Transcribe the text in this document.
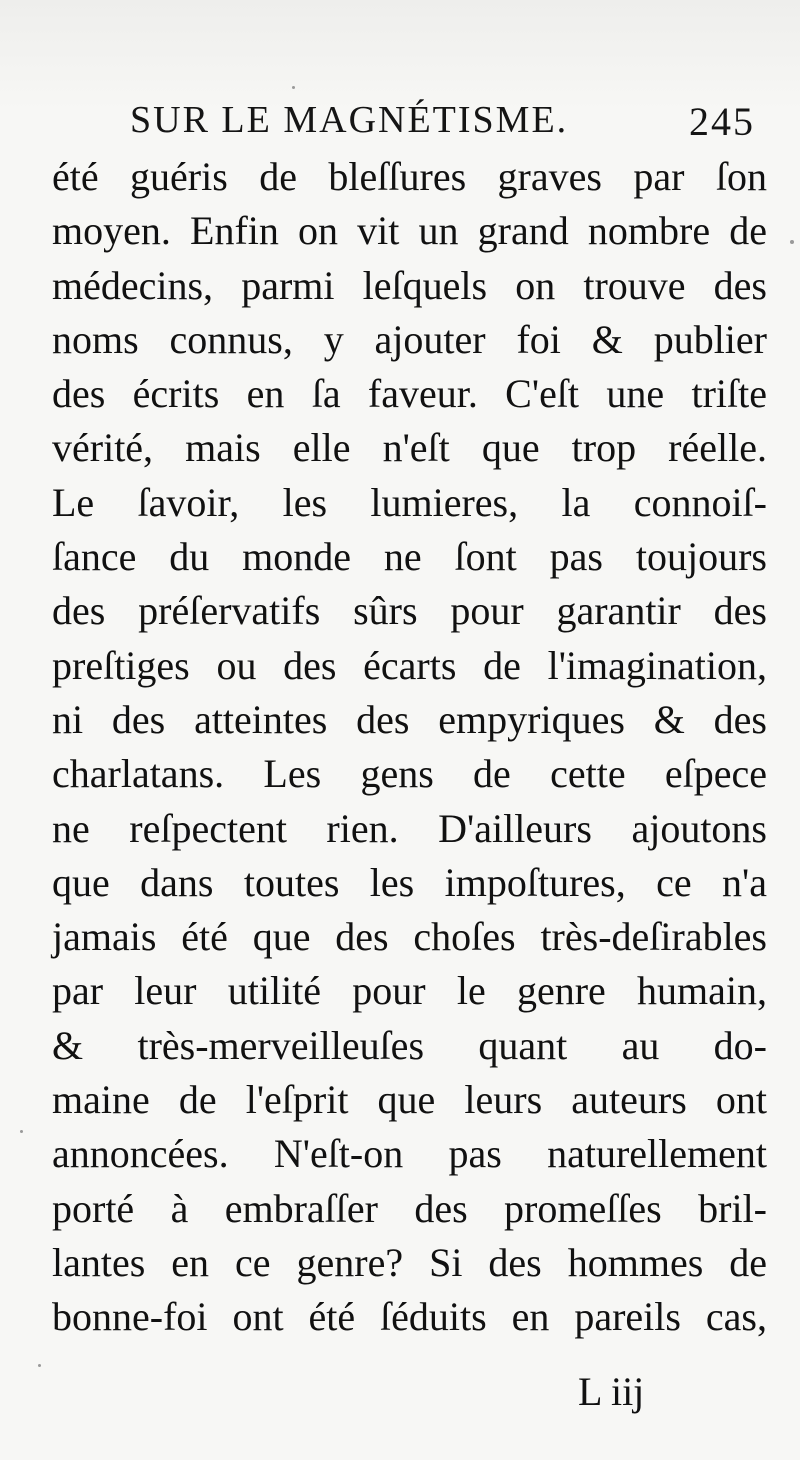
SUR LE MAGNÉTISME.	245
été guéris de bleſſures graves par ſon
moyen. Enfin on vit un grand nombre de
médecins, parmi leſquels on trouve des
noms connus, y ajouter foi & publier
des écrits en ſa faveur. C'eſt une triſte
vérité, mais elle n'eſt que trop réelle.
Le ſavoir, les lumieres, la connoiſ-
ſance du monde ne ſont pas toujours
des préſervatifs sûrs pour garantir des
preſtiges ou des écarts de l'imagination,
ni des atteintes des empyriques & des
charlatans. Les gens de cette eſpece
ne reſpectent rien. D'ailleurs ajoutons
que dans toutes les impoſtures, ce n'a
jamais été que des choſes très-deſirables
par leur utilité pour le genre humain,
& très-merveilleuſes quant au do-
maine de l'eſprit que leurs auteurs ont
annoncées. N'eſt-on pas naturellement
porté à embraſſer des promeſſes bril-
lantes en ce genre? Si des hommes de
bonne-foi ont été ſéduits en pareils cas,
L iij
